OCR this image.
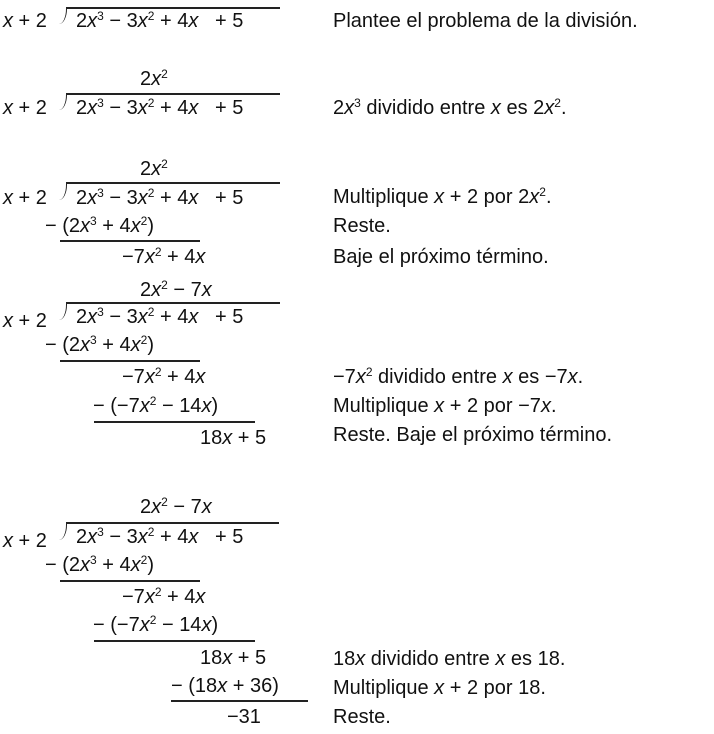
x + 2 $2x^3 - 3x^2 + 4x + 5$	Plantee el problema de la división.
$2x^2$
x + 2 $2x^3 - 3x^2 + 4x + 5$	$2x^3$ dividido entre x es $2x^2$.
$2x^2$
x + 2 $2x^3 - 3x^2 + 4x + 5$
− $(2x^3 + 4x^2)$
$-7x^2 + 4x$
Multiplique x + 2 por $2x^2$.
Reste.
Baje el próximo término.
$2x^2 - 7x$
x + 2 $2x^3 - 3x^2 + 4x + 5$
− $(2x^3 + 4x^2)$
$-7x^2 + 4x$
− $(-7x^2 - 14x)$
18x + 5
$-7x^2$ dividido entre x es −7x.
Multiplique x + 2 por −7x.
Reste. Baje el próximo término.
$2x^2 - 7x$
x + 2 $2x^3 - 3x^2 + 4x + 5$
− $(2x^3 + 4x^2)$
$-7x^2 + 4x$
− $(-7x^2 - 14x)$
18x + 5
− (18x + 36)
−31
18x dividido entre x es 18.
Multiplique x + 2 por 18.
Reste.
